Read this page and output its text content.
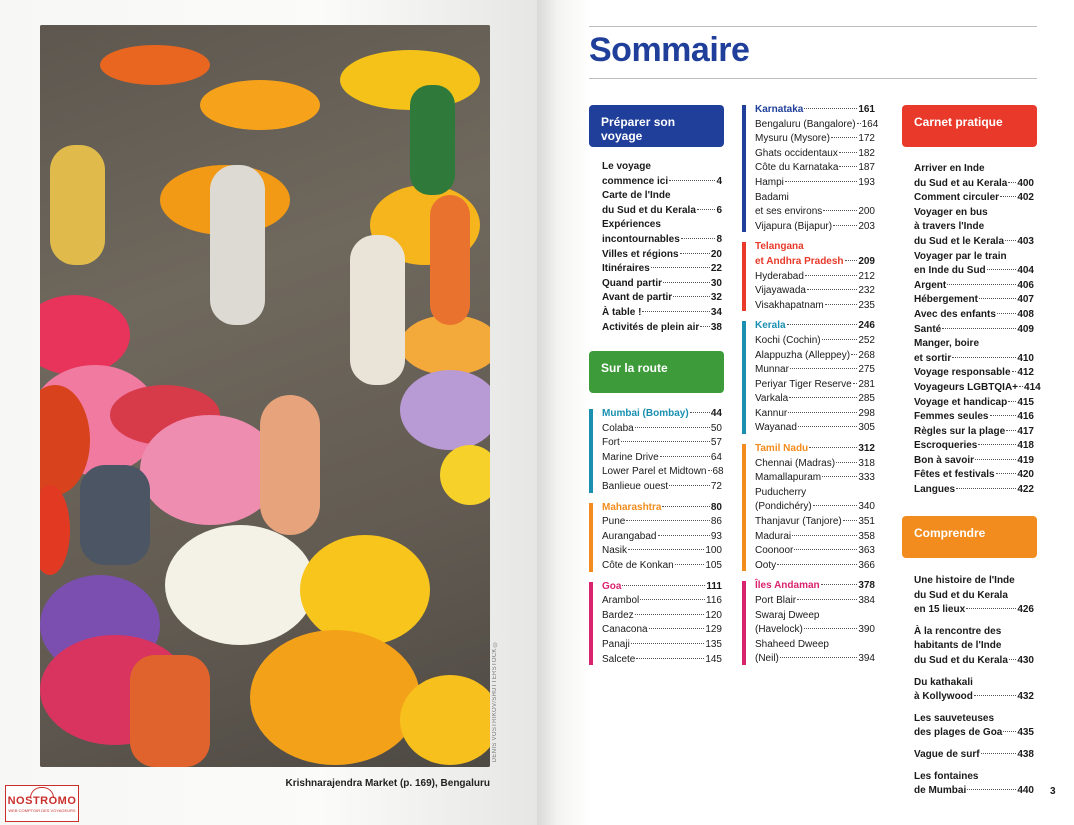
DENIS VOSTRIKOV/SHUTTERSTOCK ©
Krishnarajendra Market (p. 169), Bengaluru
NOSTROMO
WEB COMPTOIR DES VOYAGEURS
Sommaire
Préparer son voyage
Le voyage
commence ici	4
Carte de l'Inde
du Sud et du Kerala 6
Expériences
incontournables	8
Villes et régions	20
Itinéraires	22
Quand partir	30
Avant de partir	32
À table !	34
Activités de plein air 38
Sur la route
Mumbai (Bombay) 44
Colaba	50
Fort	57
Marine Drive	64
Lower Parel et Midtown 68
Banlieue ouest	72
Maharashtra	80
Pune	86
Aurangabad	93
Nasik	100
Côte de Konkan	105
Goa	111
Arambol	116
Bardez	120
Canacona	129
Panaji	135
Salcete	145
Karnataka	161
Bengaluru (Bangalore) 164
Mysuru (Mysore)	172
Ghats occidentaux 182
Côte du Karnataka 187
Hampi	193
Badami
et ses environs	200
Vijapura (Bijapur)	203
Telangana
et Andhra Pradesh 209
Hyderabad	212
Vijayawada	232
Visakhapatnam	235
Kerala	246
Kochi (Cochin)	252
Alappuzha (Alleppey) 268
Munnar	275
Periyar Tiger Reserve 281
Varkala	285
Kannur	298
Wayanad	305
Tamil Nadu	312
Chennai (Madras) 318
Mamallapuram	333
Puducherry
(Pondichéry)	340
Thanjavur (Tanjore) 351
Madurai	358
Coonoor	363
Ooty	366
Îles Andaman	378
Port Blair	384
Swaraj Dweep
(Havelock)	390
Shaheed Dweep
(Neil)	394
Carnet pratique
Arriver en Inde
du Sud et au Kerala 400
Comment circuler 402
Voyager en bus
à travers l'Inde
du Sud et le Kerala 403
Voyager par le train
en Inde du Sud	404
Argent	406
Hébergement	407
Avec des enfants 408
Santé	409
Manger, boire
et sortir	410
Voyage responsable 412
Voyageurs LGBTQIA+ 414
Voyage et handicap 415
Femmes seules	416
Règles sur la plage 417
Escroqueries	418
Bon à savoir	419
Fêtes et festivals 420
Langues	422
Comprendre
Une histoire de l'Inde
du Sud et du Kerala
en 15 lieux	426
À la rencontre des
habitants de l'Inde
du Sud et du Kerala 430
Du kathakali
à Kollywood	432
Les sauveteuses
des plages de Goa 435
Vague de surf	438
Les fontaines
de Mumbai	440 3
